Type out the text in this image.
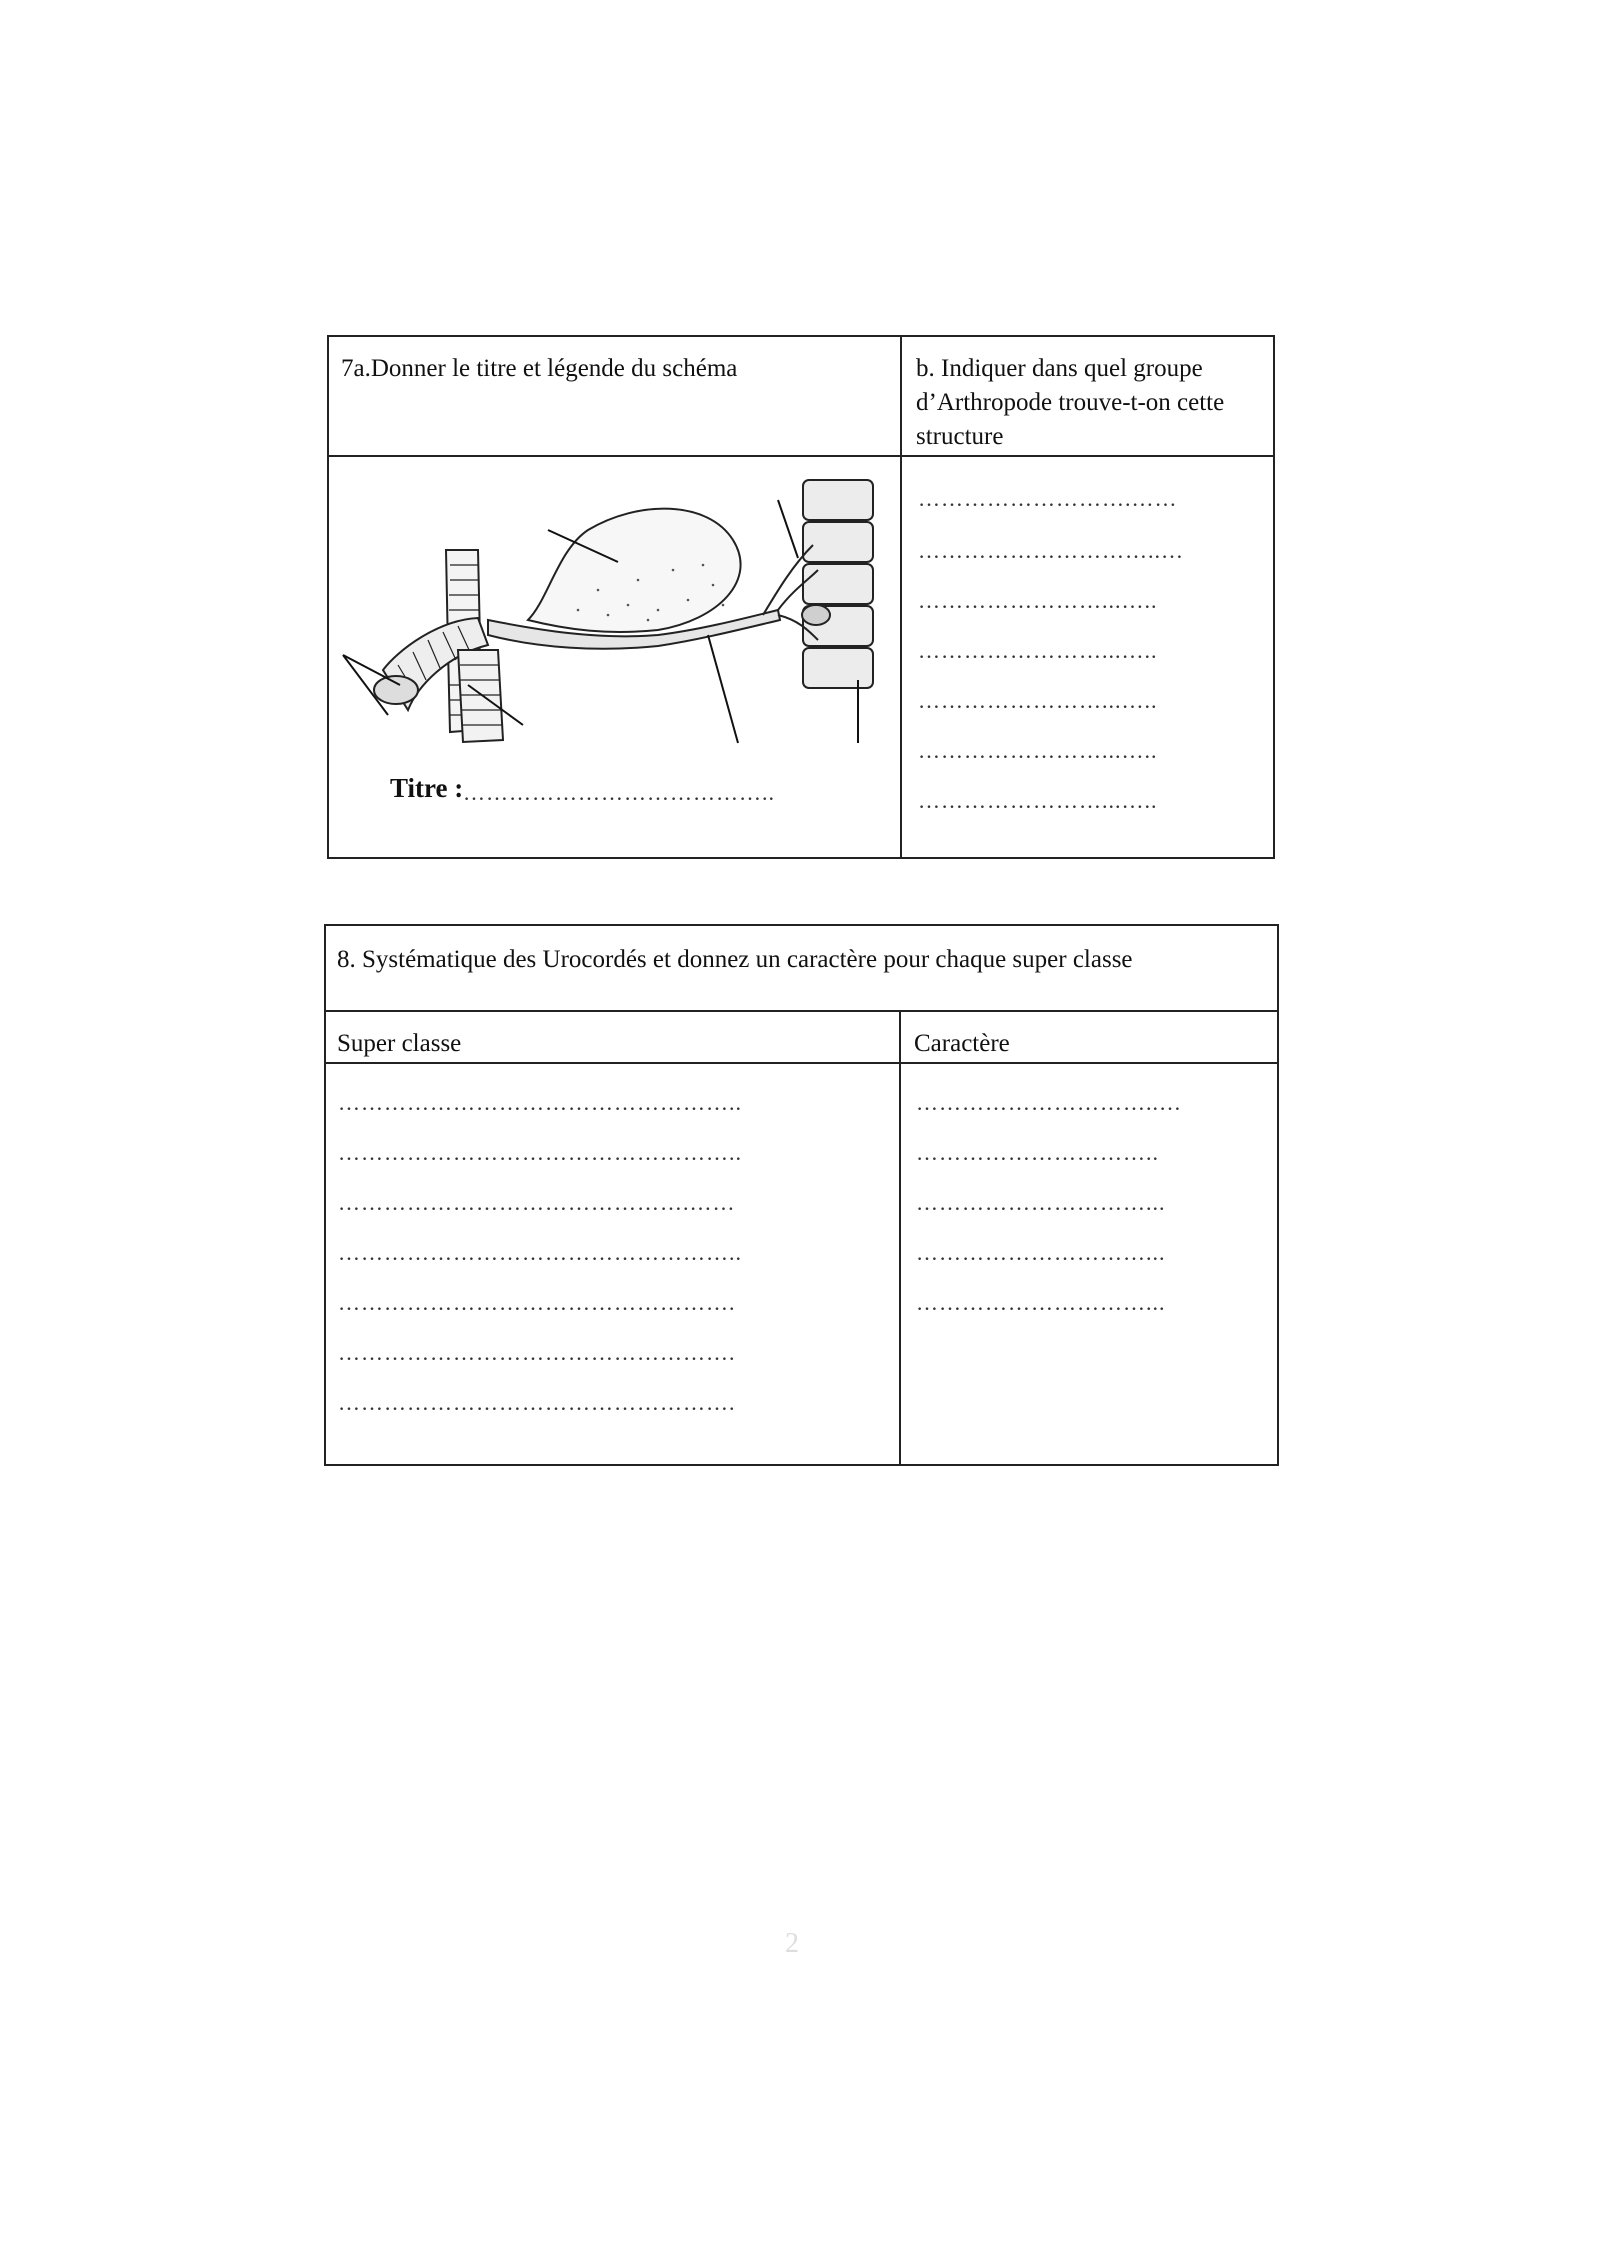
7a.Donner le titre et légende du schéma	b. Indiquer dans quel groupe d’Arthropode trouve-t-on cette structure
Titre : …………………………………..
……………………….……
…………………………..…
……………………...…..
……………………...…..
……………………...…..
……………………...…..
……………………...…..
8. Systématique des Urocordés et donnez un caractère pour chaque super classe
Super classe	Caractère
……………………………………………..
……………………………………………..
……………………………………….……
……………………………………………..
…………………………………………….
…………………………………………….
…………………………………………….
…………………………..…
…………………………..
…………………………...
…………………………...
…………………………...
2
